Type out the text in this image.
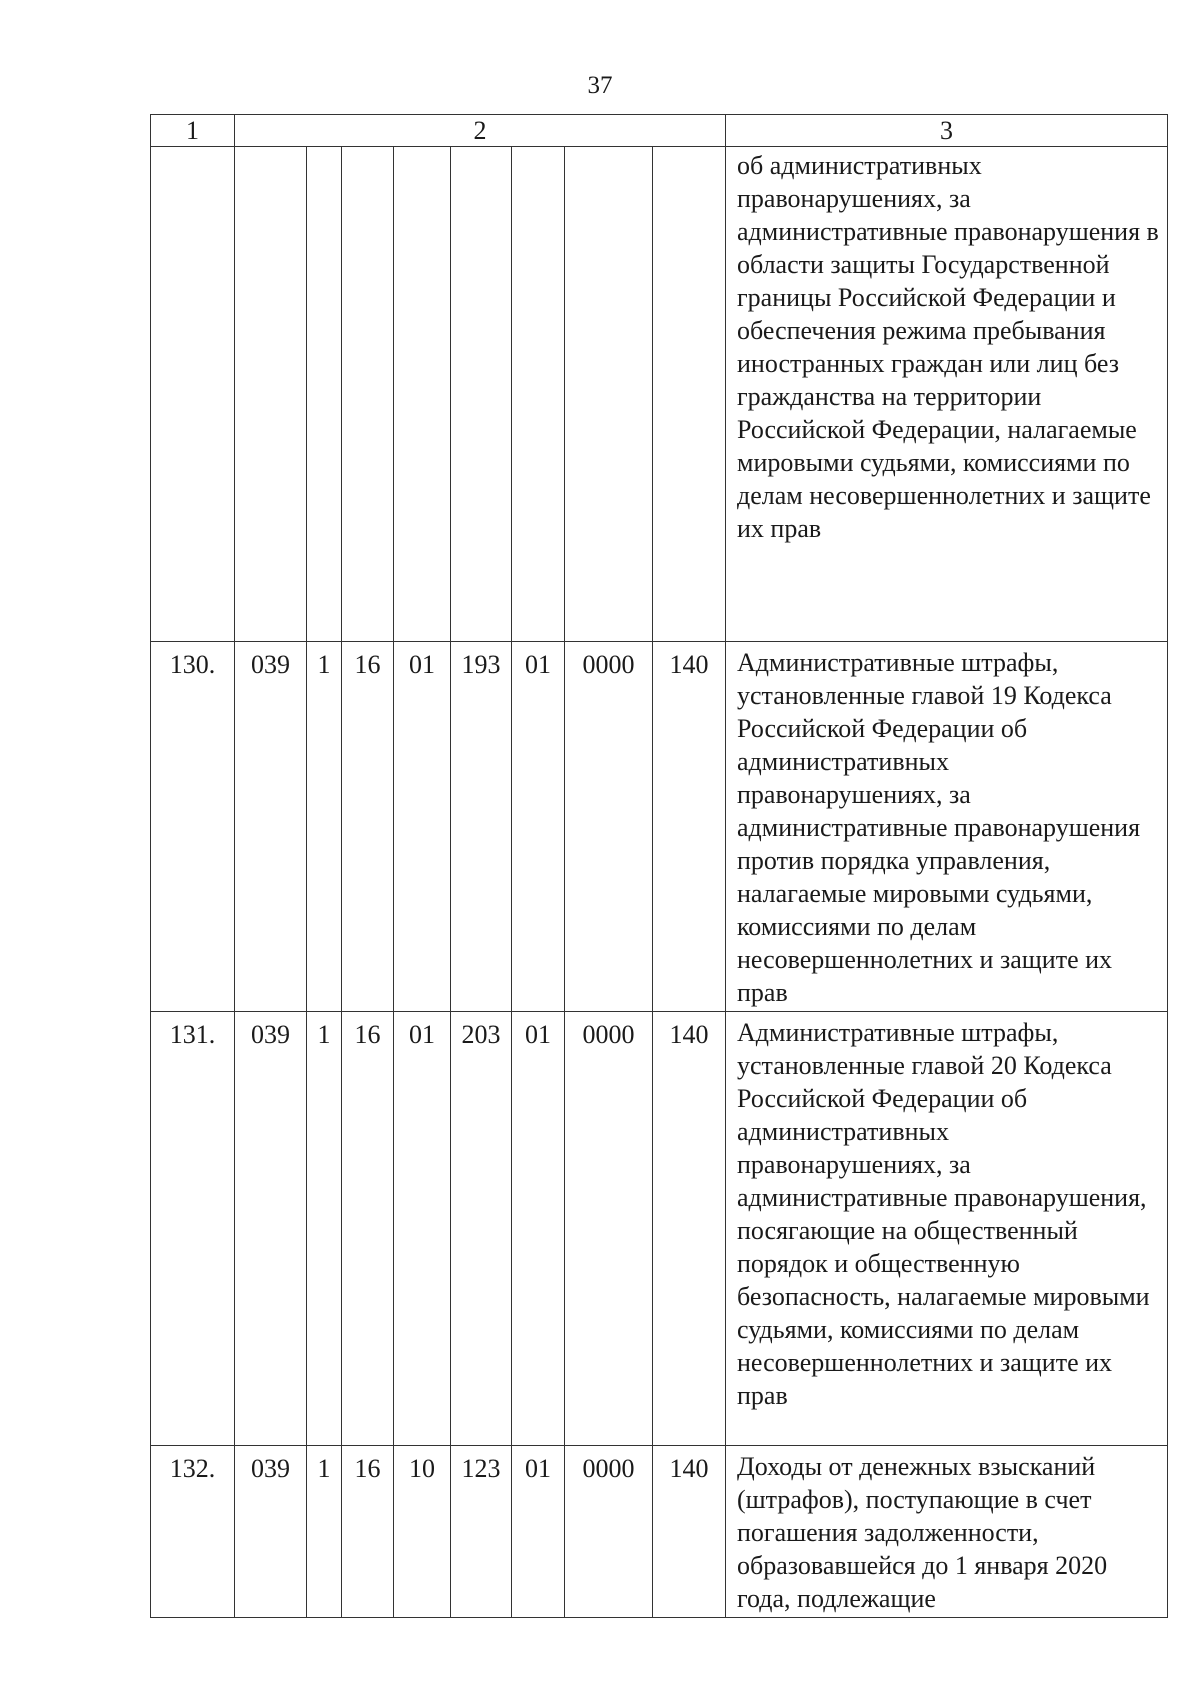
37
1	2								3
									об административных правонарушениях, за административные правонарушения в области защиты Государственной границы Российской Федерации и обеспечения режима пребывания иностранных граждан или лиц без гражданства на территории Российской Федерации, налагаемые мировыми судьями, комиссиями по делам несовершеннолетних и защите их прав
130.	039	1	16	01	193	01	0000	140	Административные штрафы, установленные главой 19 Кодекса Российской Федерации об административных правонарушениях, за административные правонарушения против порядка управления, налагаемые мировыми судьями, комиссиями по делам несовершеннолетних и защите их прав
131.	039	1	16	01	203	01	0000	140	Административные штрафы, установленные главой 20 Кодекса Российской Федерации об административных правонарушениях, за административные правонарушения, посягающие на общественный порядок и общественную безопасность, налагаемые мировыми судьями, комиссиями по делам несовершеннолетних и защите их прав
132.	039	1	16	10	123	01	0000	140	Доходы от денежных взысканий (штрафов), поступающие в счет погашения задолженности, образовавшейся до 1 января 2020 года, подлежащие
